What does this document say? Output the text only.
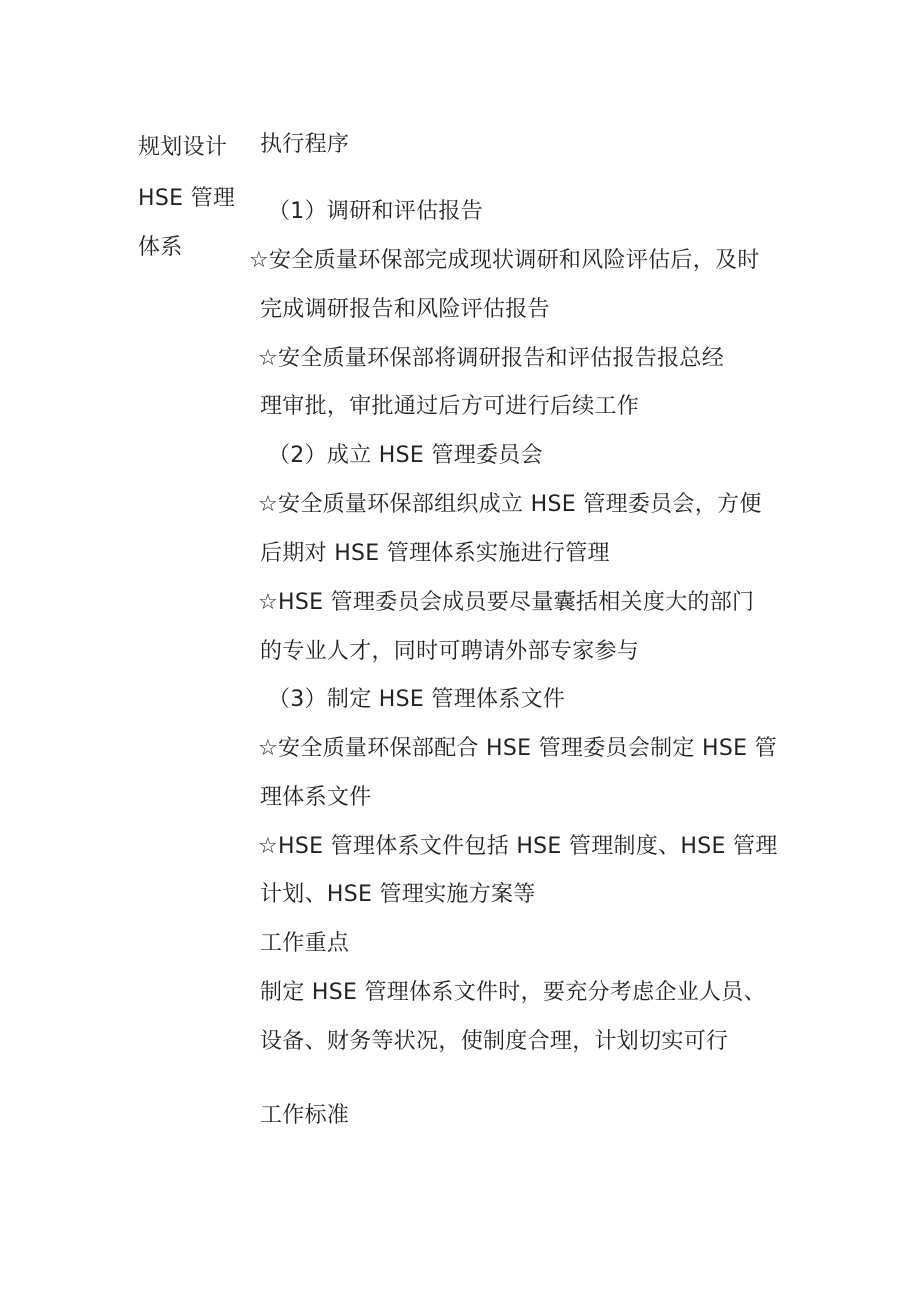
规划设计
HSE 管理
体系
执行程序
（1）调研和评估报告
☆安全质量环保部完成现状调研和风险评估后，及时
完成调研报告和风险评估报告
☆安全质量环保部将调研报告和评估报告报总经
理审批，审批通过后方可进行后续工作
（2）成立 HSE 管理委员会
☆安全质量环保部组织成立 HSE 管理委员会，方便
后期对 HSE 管理体系实施进行管理
☆HSE 管理委员会成员要尽量囊括相关度大的部门
的专业人才，同时可聘请外部专家参与
（3）制定 HSE 管理体系文件
☆安全质量环保部配合 HSE 管理委员会制定 HSE 管
理体系文件
☆HSE 管理体系文件包括 HSE 管理制度、HSE 管理
计划、HSE 管理实施方案等
工作重点
制定 HSE 管理体系文件时，要充分考虑企业人员、
设备、财务等状况，使制度合理，计划切实可行
工作标准
